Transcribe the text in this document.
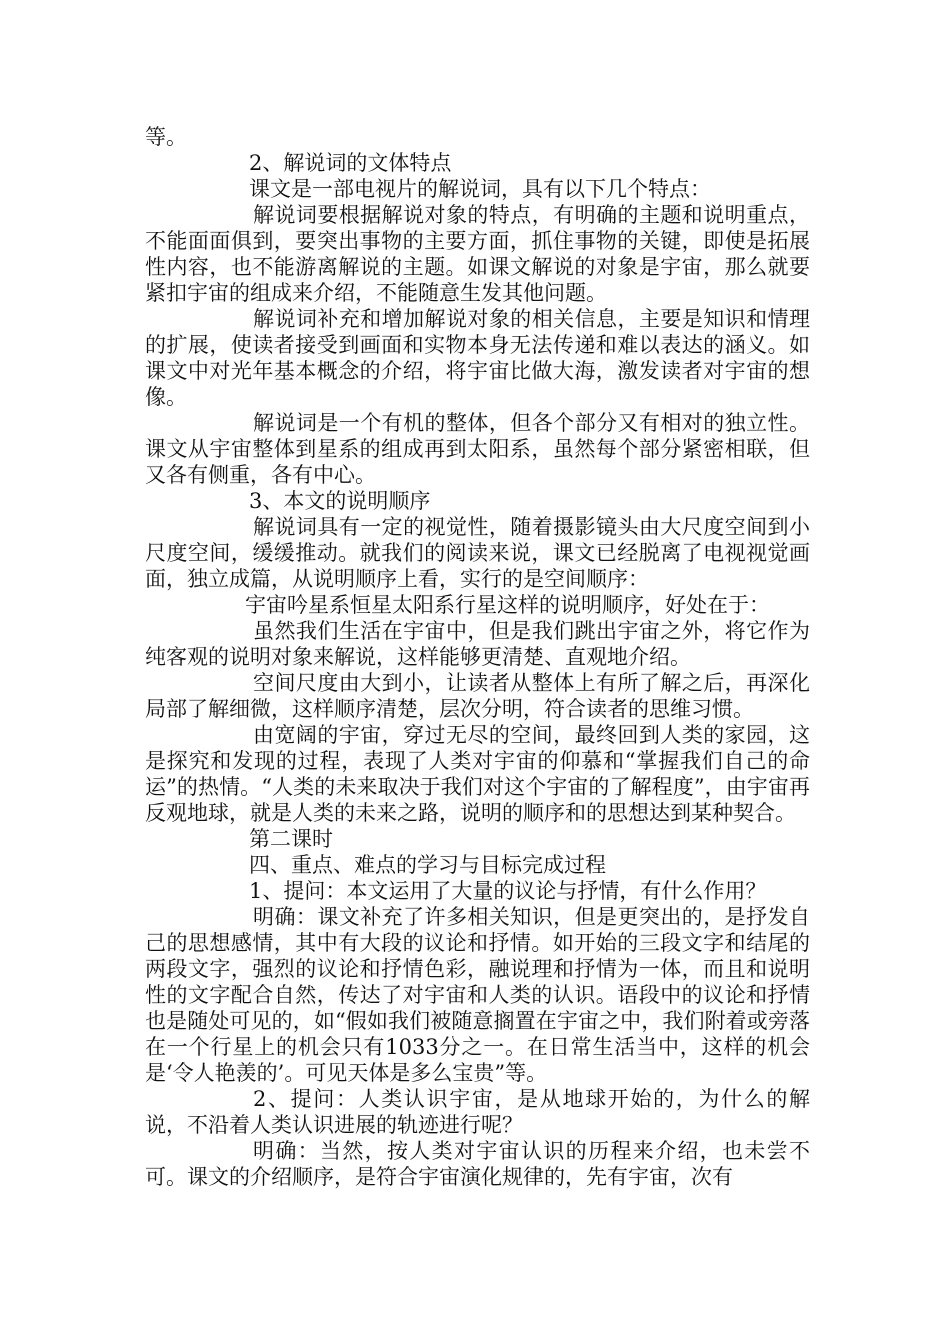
等。

2、解说词的文体特点

课文是一部电视片的解说词，具有以下几个特点：

解说词要根据解说对象的特点，有明确的主题和说明重点，不能面面俱到，要突出事物的主要方面，抓住事物的关键，即使是拓展性内容，也不能游离解说的主题。如课文解说的对象是宇宙，那么就要紧扣宇宙的组成来介绍，不能随意生发其他问题。

解说词补充和增加解说对象的相关信息，主要是知识和情理的扩展，使读者接受到画面和实物本身无法传递和难以表达的涵义。如课文中对光年基本概念的介绍，将宇宙比做大海，激发读者对宇宙的想像。

解说词是一个有机的整体，但各个部分又有相对的独立性。课文从宇宙整体到星系的组成再到太阳系，虽然每个部分紧密相联，但又各有侧重，各有中心。

3、本文的说明顺序

解说词具有一定的视觉性，随着摄影镜头由大尺度空间到小尺度空间，缓缓推动。就我们的阅读来说，课文已经脱离了电视视觉画面，独立成篇，从说明顺序上看，实行的是空间顺序：

宇宙吟星系恒星太阳系行星这样的说明顺序，好处在于：

虽然我们生活在宇宙中，但是我们跳出宇宙之外，将它作为纯客观的说明对象来解说，这样能够更清楚、直观地介绍。

空间尺度由大到小，让读者从整体上有所了解之后，再深化局部了解细微，这样顺序清楚，层次分明，符合读者的思维习惯。

由宽阔的宇宙，穿过无尽的空间，最终回到人类的家园，这是探究和发现的过程，表现了人类对宇宙的仰慕和“掌握我们自己的命运”的热情。“人类的未来取决于我们对这个宇宙的了解程度”，由宇宙再反观地球，就是人类的未来之路，说明的顺序和的思想达到某种契合。

第二课时

四、重点、难点的学习与目标完成过程

1、提问：本文运用了大量的议论与抒情，有什么作用？

明确：课文补充了许多相关知识，但是更突出的，是抒发自己的思想感情，其中有大段的议论和抒情。如开始的三段文字和结尾的两段文字，强烈的议论和抒情色彩，融说理和抒情为一体，而且和说明性的文字配合自然，传达了对宇宙和人类的认识。语段中的议论和抒情也是随处可见的，如“假如我们被随意搁置在宇宙之中，我们附着或旁落在一个行星上的机会只有1033分之一。在日常生活当中，这样的机会是‘令人艳羡的’。可见天体是多么宝贵”等。

2、提问：人类认识宇宙，是从地球开始的，为什么的解说，不沿着人类认识进展的轨迹进行呢？

明确：当然，按人类对宇宙认识的历程来介绍，也未尝不可。课文的介绍顺序，是符合宇宙演化规律的，先有宇宙，次有
